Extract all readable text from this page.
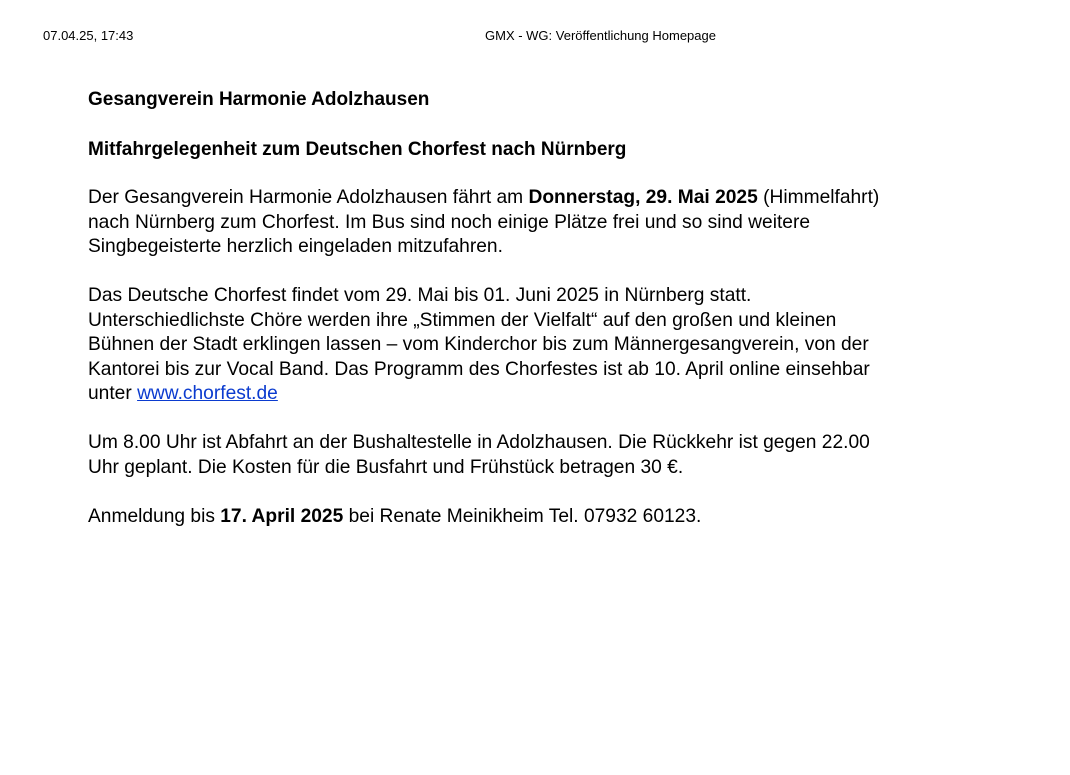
07.04.25, 17:43	GMX - WG: Veröffentlichung Homepage

Gesangverein Harmonie Adolzhausen

Mitfahrgelegenheit zum Deutschen Chorfest nach Nürnberg

Der Gesangverein Harmonie Adolzhausen fährt am Donnerstag, 29. Mai 2025 (Himmelfahrt)
nach Nürnberg zum Chorfest. Im Bus sind noch einige Plätze frei und so sind weitere
Singbegeisterte herzlich eingeladen mitzufahren.

Das Deutsche Chorfest findet vom 29. Mai bis 01. Juni 2025 in Nürnberg statt.
Unterschiedlichste Chöre werden ihre „Stimmen der Vielfalt“ auf den großen und kleinen
Bühnen der Stadt erklingen lassen – vom Kinderchor bis zum Männergesangverein, von der
Kantorei bis zur Vocal Band. Das Programm des Chorfestes ist ab 10. April online einsehbar
unter www.chorfest.de

Um 8.00 Uhr ist Abfahrt an der Bushaltestelle in Adolzhausen. Die Rückkehr ist gegen 22.00
Uhr geplant. Die Kosten für die Busfahrt und Frühstück betragen 30 €.

Anmeldung bis 17. April 2025 bei Renate Meinikheim Tel. 07932 60123.
